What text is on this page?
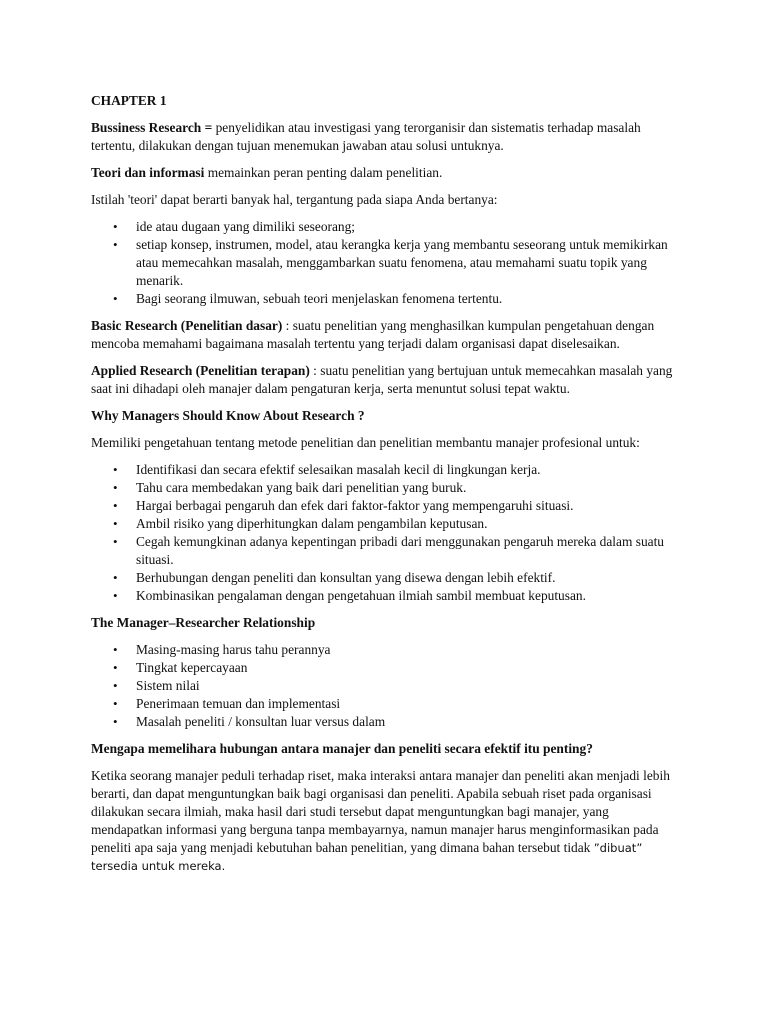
CHAPTER 1

Bussiness Research = penyelidikan atau investigasi yang terorganisir dan sistematis terhadap masalah tertentu, dilakukan dengan tujuan menemukan jawaban atau solusi untuknya.

Teori dan informasi memainkan peran penting dalam penelitian.

Istilah 'teori' dapat berarti banyak hal, tergantung pada siapa Anda bertanya:

• ide atau dugaan yang dimiliki seseorang;
• setiap konsep, instrumen, model, atau kerangka kerja yang membantu seseorang untuk memikirkan atau memecahkan masalah, menggambarkan suatu fenomena, atau memahami suatu topik yang menarik.
• Bagi seorang ilmuwan, sebuah teori menjelaskan fenomena tertentu.

Basic Research (Penelitian dasar) : suatu penelitian yang menghasilkan kumpulan pengetahuan dengan mencoba memahami bagaimana masalah tertentu yang terjadi dalam organisasi dapat diselesaikan.

Applied Research (Penelitian terapan) : suatu penelitian yang bertujuan untuk memecahkan masalah yang saat ini dihadapi oleh manajer dalam pengaturan kerja, serta menuntut solusi tepat waktu.

Why Managers Should Know About Research ?

Memiliki pengetahuan tentang metode penelitian dan penelitian membantu manajer profesional untuk:

• Identifikasi dan secara efektif selesaikan masalah kecil di lingkungan kerja.
• Tahu cara membedakan yang baik dari penelitian yang buruk.
• Hargai berbagai pengaruh dan efek dari faktor-faktor yang mempengaruhi situasi.
• Ambil risiko yang diperhitungkan dalam pengambilan keputusan.
• Cegah kemungkinan adanya kepentingan pribadi dari menggunakan pengaruh mereka dalam suatu situasi.
• Berhubungan dengan peneliti dan konsultan yang disewa dengan lebih efektif.
• Kombinasikan pengalaman dengan pengetahuan ilmiah sambil membuat keputusan.
The Manager–Researcher Relationship
• Masing-masing harus tahu perannya
• Tingkat kepercayaan
• Sistem nilai
• Penerimaan temuan dan implementasi
• Masalah peneliti / konsultan luar versus dalam
Mengapa memelihara hubungan antara manajer dan peneliti secara efektif itu penting?

Ketika seorang manajer peduli terhadap riset, maka interaksi antara manajer dan peneliti akan menjadi lebih berarti, dan dapat menguntungkan baik bagi organisasi dan peneliti. Apabila sebuah riset pada organisasi dilakukan secara ilmiah, maka hasil dari studi tersebut dapat menguntungkan bagi manajer, yang mendapatkan informasi yang berguna tanpa membayarnya, namun manajer harus menginformasikan pada peneliti apa saja yang menjadi kebutuhan bahan penelitian, yang dimana bahan tersebut tidak ”dibuat” tersedia untuk mereka.
